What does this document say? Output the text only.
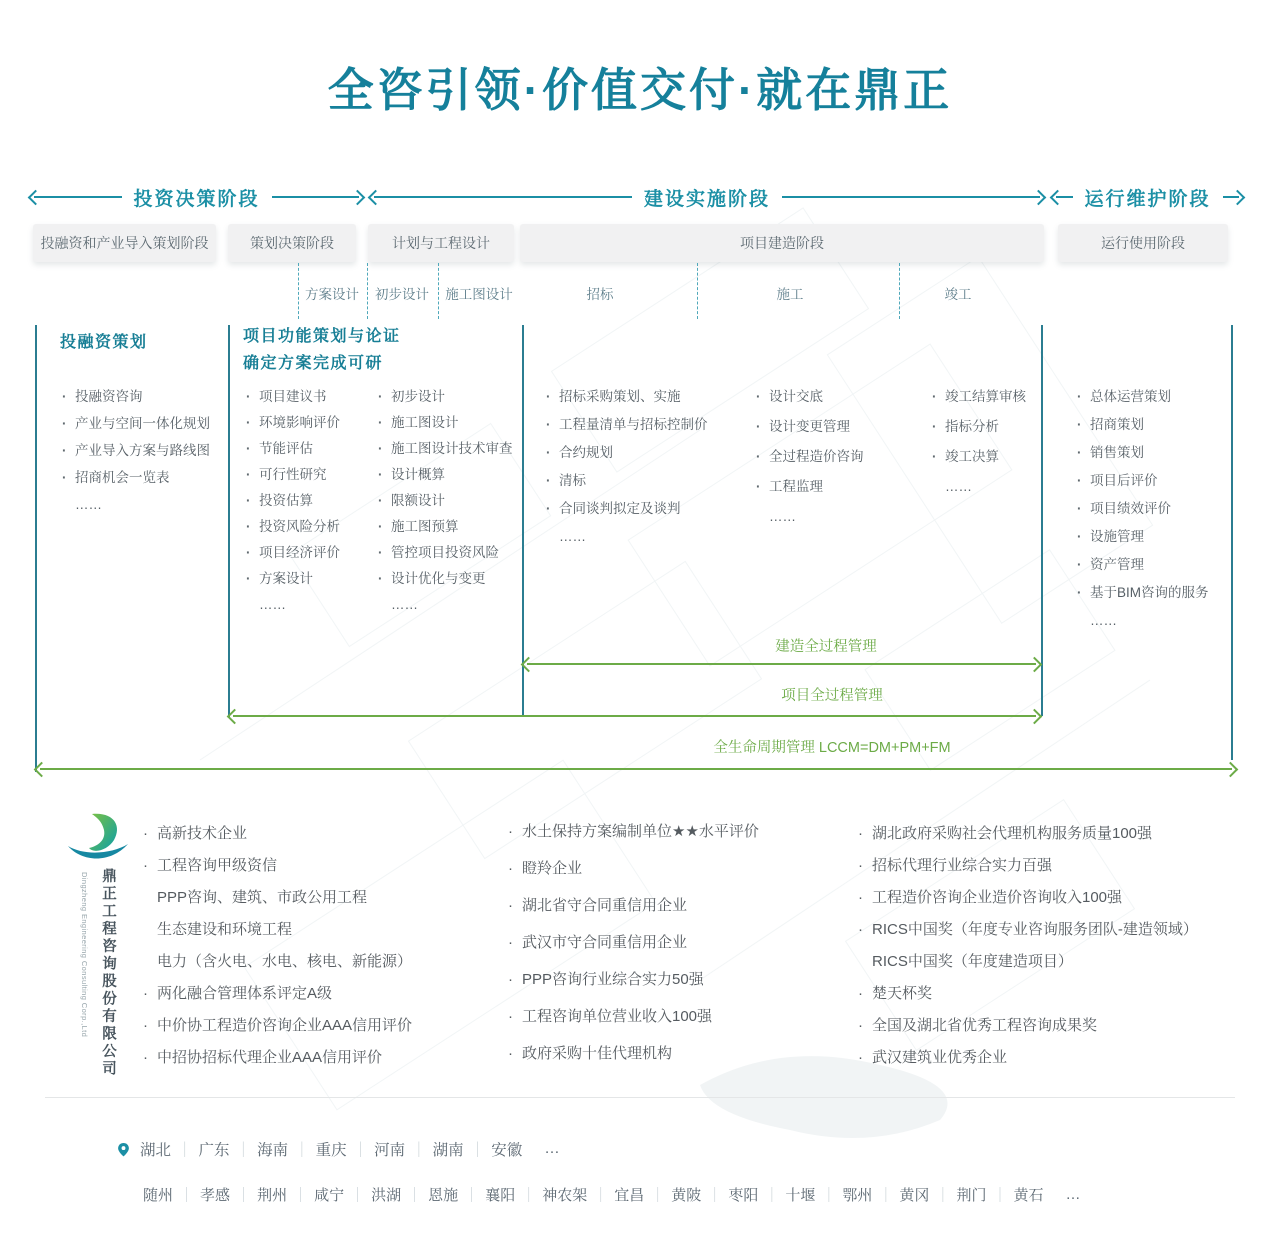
全咨引领·价值交付·就在鼎正
投资决策阶段	建设实施阶段	运行维护阶段
投融资和产业导入策划阶段	策划决策阶段	计划与工程设计	项目建造阶段	运行使用阶段
方案设计 初步设计 施工图设计	招标	施工	竣工
投融资策划	项目功能策划与论证
确定方案完成可研
· 投融资咨询
· 产业与空间一体化规划
· 产业导入方案与路线图
· 招商机会一览表
……
· 项目建议书
· 环境影响评价
· 节能评估
· 可行性研究
· 投资估算
· 投资风险分析
· 项目经济评价
· 方案设计
……
· 初步设计
· 施工图设计
· 施工图设计技术审查
· 设计概算
· 限额设计
· 施工图预算
· 管控项目投资风险
· 设计优化与变更
……
· 招标采购策划、实施
· 工程量清单与招标控制价
· 合约规划
· 清标
· 合同谈判拟定及谈判
……
· 设计交底
· 设计变更管理
· 全过程造价咨询
· 工程监理
……
· 竣工结算审核
· 指标分析
· 竣工决算
……
· 总体运营策划
· 招商策划
· 销售策划
· 项目后评价
· 项目绩效评价
· 设施管理
· 资产管理
· 基于BIM咨询的服务
……
建造全过程管理
项目全过程管理
全生命周期管理 LCCM=DM+PM+FM
Dingzheng Engineering Consulting Corp.,Ltd 鼎正工程咨询股份有限公司
· 高新技术企业
· 工程咨询甲级资信
PPP咨询、建筑、市政公用工程
生态建设和环境工程
电力（含火电、水电、核电、新能源）
· 两化融合管理体系评定A级
· 中价协工程造价咨询企业AAA信用评价
· 中招协招标代理企业AAA信用评价
· 水土保持方案编制单位★★水平评价
· 瞪羚企业
· 湖北省守合同重信用企业
· 武汉市守合同重信用企业
· PPP咨询行业综合实力50强
· 工程咨询单位营业收入100强
· 政府采购十佳代理机构
· 湖北政府采购社会代理机构服务质量100强
· 招标代理行业综合实力百强
· 工程造价咨询企业造价咨询收入100强
· RICS中国奖（年度专业咨询服务团队-建造领域）
RICS中国奖（年度建造项目）
· 楚天杯奖
· 全国及湖北省优秀工程咨询成果奖
· 武汉建筑业优秀企业
湖北 ｜	广东 ｜	海南 ｜	重庆 ｜	河南 ｜	湖南 ｜	安徽	…
随州 ｜	孝感 ｜	荆州 ｜	咸宁 ｜	洪湖 ｜	恩施 ｜	襄阳 ｜	神农架 ｜	宜昌 ｜	黄陂 ｜	枣阳 ｜	十堰 ｜	鄂州 ｜	黄冈 ｜	荆门 ｜	黄石	…
